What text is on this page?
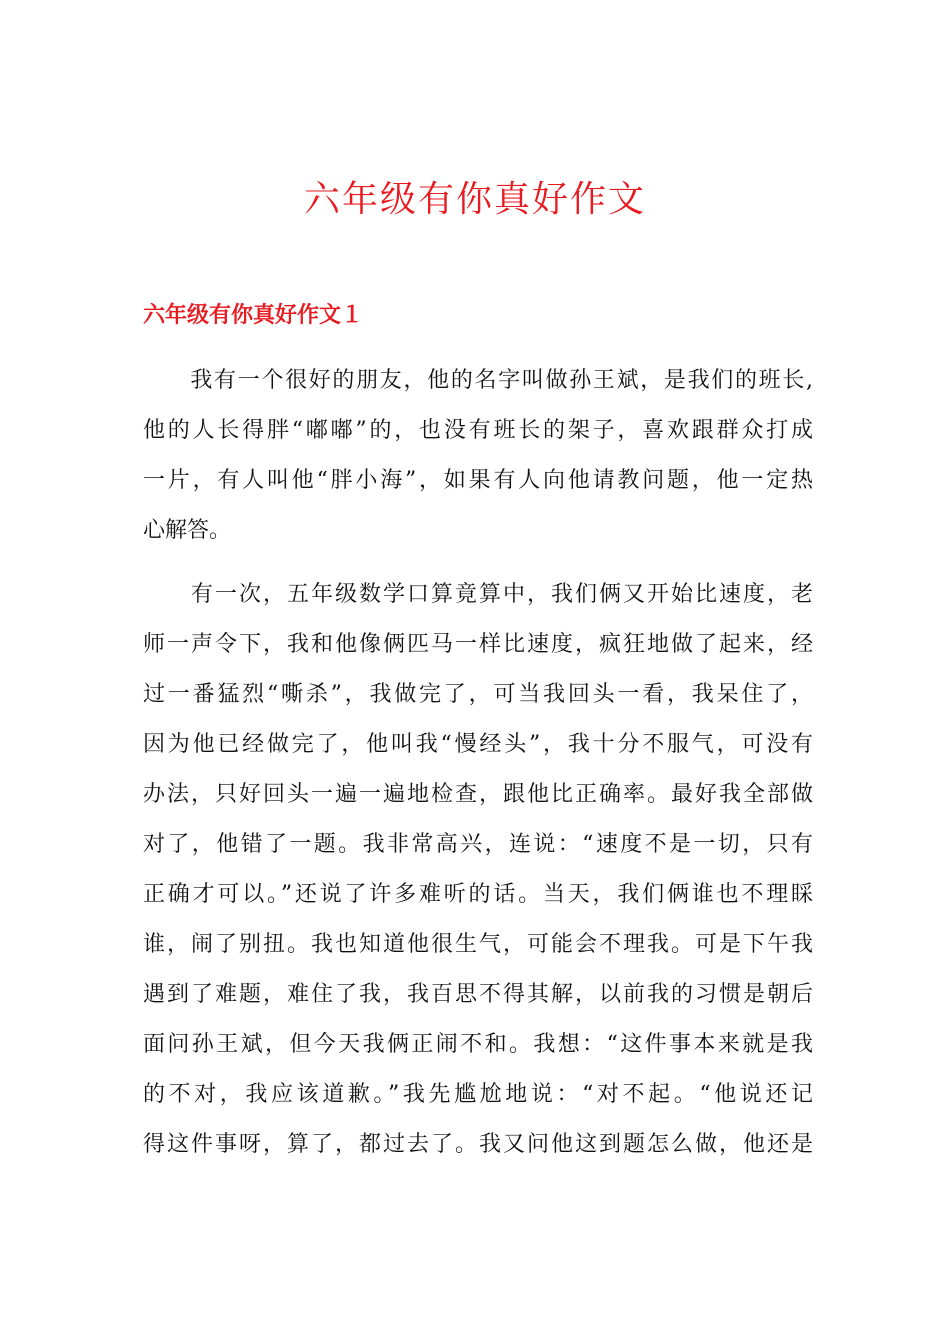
六年级有你真好作文
六年级有你真好作文１
　　我有一个很好的朋友，他的名字叫做孙王斌，是我们的班长,
他的人长得胖“嘟嘟”的，也没有班长的架子，喜欢跟群众打成
一片，有人叫他“胖小海”，如果有人向他请教问题，他一定热
心解答。
　　有一次，五年级数学口算竟算中，我们俩又开始比速度，老
师一声令下，我和他像俩匹马一样比速度，疯狂地做了起来，经
过一番猛烈“嘶杀”，我做完了，可当我回头一看，我呆住了，
因为他已经做完了，他叫我“慢经头”，我十分不服气，可没有
办法，只好回头一遍一遍地检查，跟他比正确率。最好我全部做
对了，他错了一题。我非常高兴，连说：“速度不是一切，只有
正确才可以。”还说了许多难听的话。当天，我们俩谁也不理睬
谁，闹了别扭。我也知道他很生气，可能会不理我。可是下午我
遇到了难题，难住了我，我百思不得其解，以前我的习惯是朝后
面问孙王斌，但今天我俩正闹不和。我想：“这件事本来就是我
的不对，我应该道歉。”我先尴尬地说：“对不起。“他说还记
得这件事呀，算了，都过去了。我又问他这到题怎么做，他还是
